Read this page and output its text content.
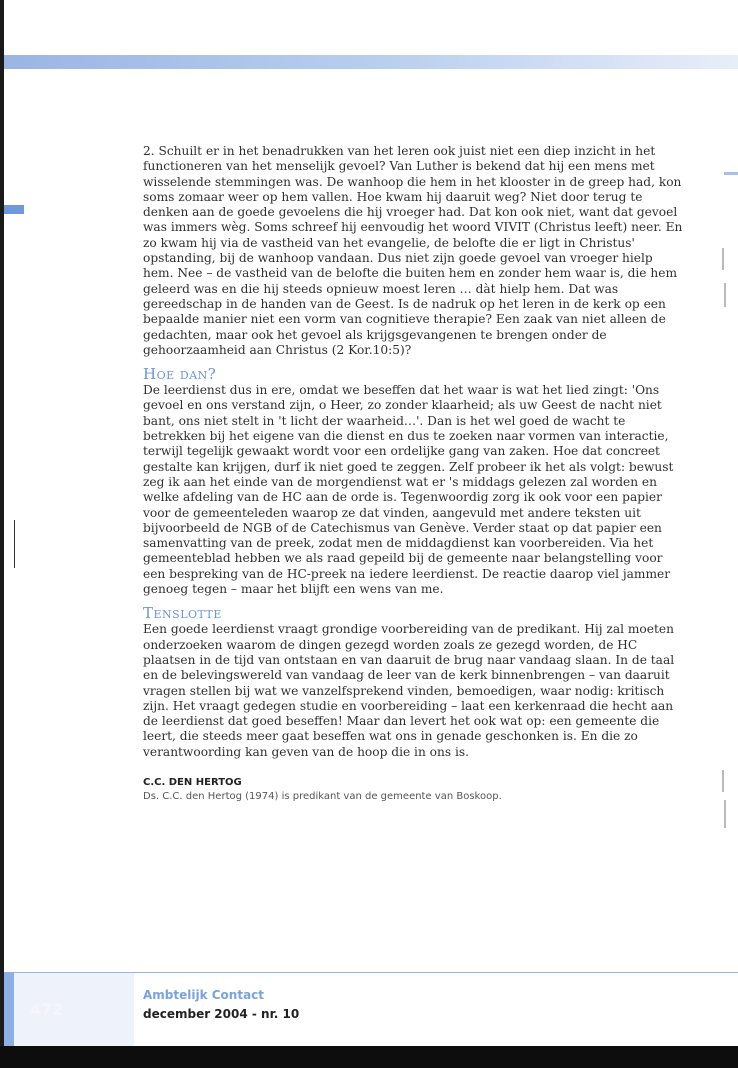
2. Schuilt er in het benadrukken van het leren ook juist niet een diep inzicht in het functioneren van het menselijk gevoel? Van Luther is bekend dat hij een mens met wisselende stemmingen was. De wanhoop die hem in het klooster in de greep had, kon soms zomaar weer op hem vallen. Hoe kwam hij daaruit weg? Niet door terug te denken aan de goede gevoelens die hij vroeger had. Dat kon ook niet, want dat gevoel was immers wèg. Soms schreef hij eenvoudig het woord VIVIT (Christus leeft) neer. En zo kwam hij via de vastheid van het evangelie, de belofte die er ligt in Christus' opstanding, bij de wanhoop vandaan. Dus niet zijn goede gevoel van vroeger hielp hem. Nee – de vastheid van de belofte die buiten hem en zonder hem waar is, die hem geleerd was en die hij steeds opnieuw moest leren … dàt hielp hem. Dat was gereedschap in de handen van de Geest. Is de nadruk op het leren in de kerk op een bepaalde manier niet een vorm van cognitieve therapie? Een zaak van niet alleen de gedachten, maar ook het gevoel als krijgsgevangenen te brengen onder de gehoorzaamheid aan Christus (2 Kor.10:5)?

Hoe dan?

De leerdienst dus in ere, omdat we beseffen dat het waar is wat het lied zingt: 'Ons gevoel en ons verstand zijn, o Heer, zo zonder klaarheid; als uw Geest de nacht niet bant, ons niet stelt in 't licht der waarheid…'. Dan is het wel goed de wacht te betrekken bij het eigene van die dienst en dus te zoeken naar vormen van interactie, terwijl tegelijk gewaakt wordt voor een ordelijke gang van zaken. Hoe dat concreet gestalte kan krijgen, durf ik niet goed te zeggen. Zelf probeer ik het als volgt: bewust zeg ik aan het einde van de morgendienst wat er 's middags gelezen zal worden en welke afdeling van de HC aan de orde is. Tegenwoordig zorg ik ook voor een papier voor de gemeenteleden waarop ze dat vinden, aangevuld met andere teksten uit bijvoorbeeld de NGB of de Catechismus van Genève. Verder staat op dat papier een samenvatting van de preek, zodat men de middagdienst kan voorbereiden. Via het gemeenteblad hebben we als raad gepeild bij de gemeente naar belangstelling voor een bespreking van de HC-preek na iedere leerdienst. De reactie daarop viel jammer genoeg tegen – maar het blijft een wens van me.

Tenslotte

Een goede leerdienst vraagt grondige voorbereiding van de predikant. Hij zal moeten onderzoeken waarom de dingen gezegd worden zoals ze gezegd worden, de HC plaatsen in de tijd van ontstaan en van daaruit de brug naar vandaag slaan. In de taal en de belevingswereld van vandaag de leer van de kerk binnenbrengen – van daaruit vragen stellen bij wat we vanzelfsprekend vinden, bemoedigen, waar nodig: kritisch zijn. Het vraagt gedegen studie en voorbereiding – laat een kerkenraad die hecht aan de leerdienst dat goed beseffen! Maar dan levert het ook wat op: een gemeente die leert, die steeds meer gaat beseffen wat ons in genade geschonken is. En die zo verantwoording kan geven van de hoop die in ons is.

C.C. DEN HERTOG
Ds. C.C. den Hertog (1974) is predikant van de gemeente van Boskoop.
472
Ambtelijk Contact
december 2004 - nr. 10
